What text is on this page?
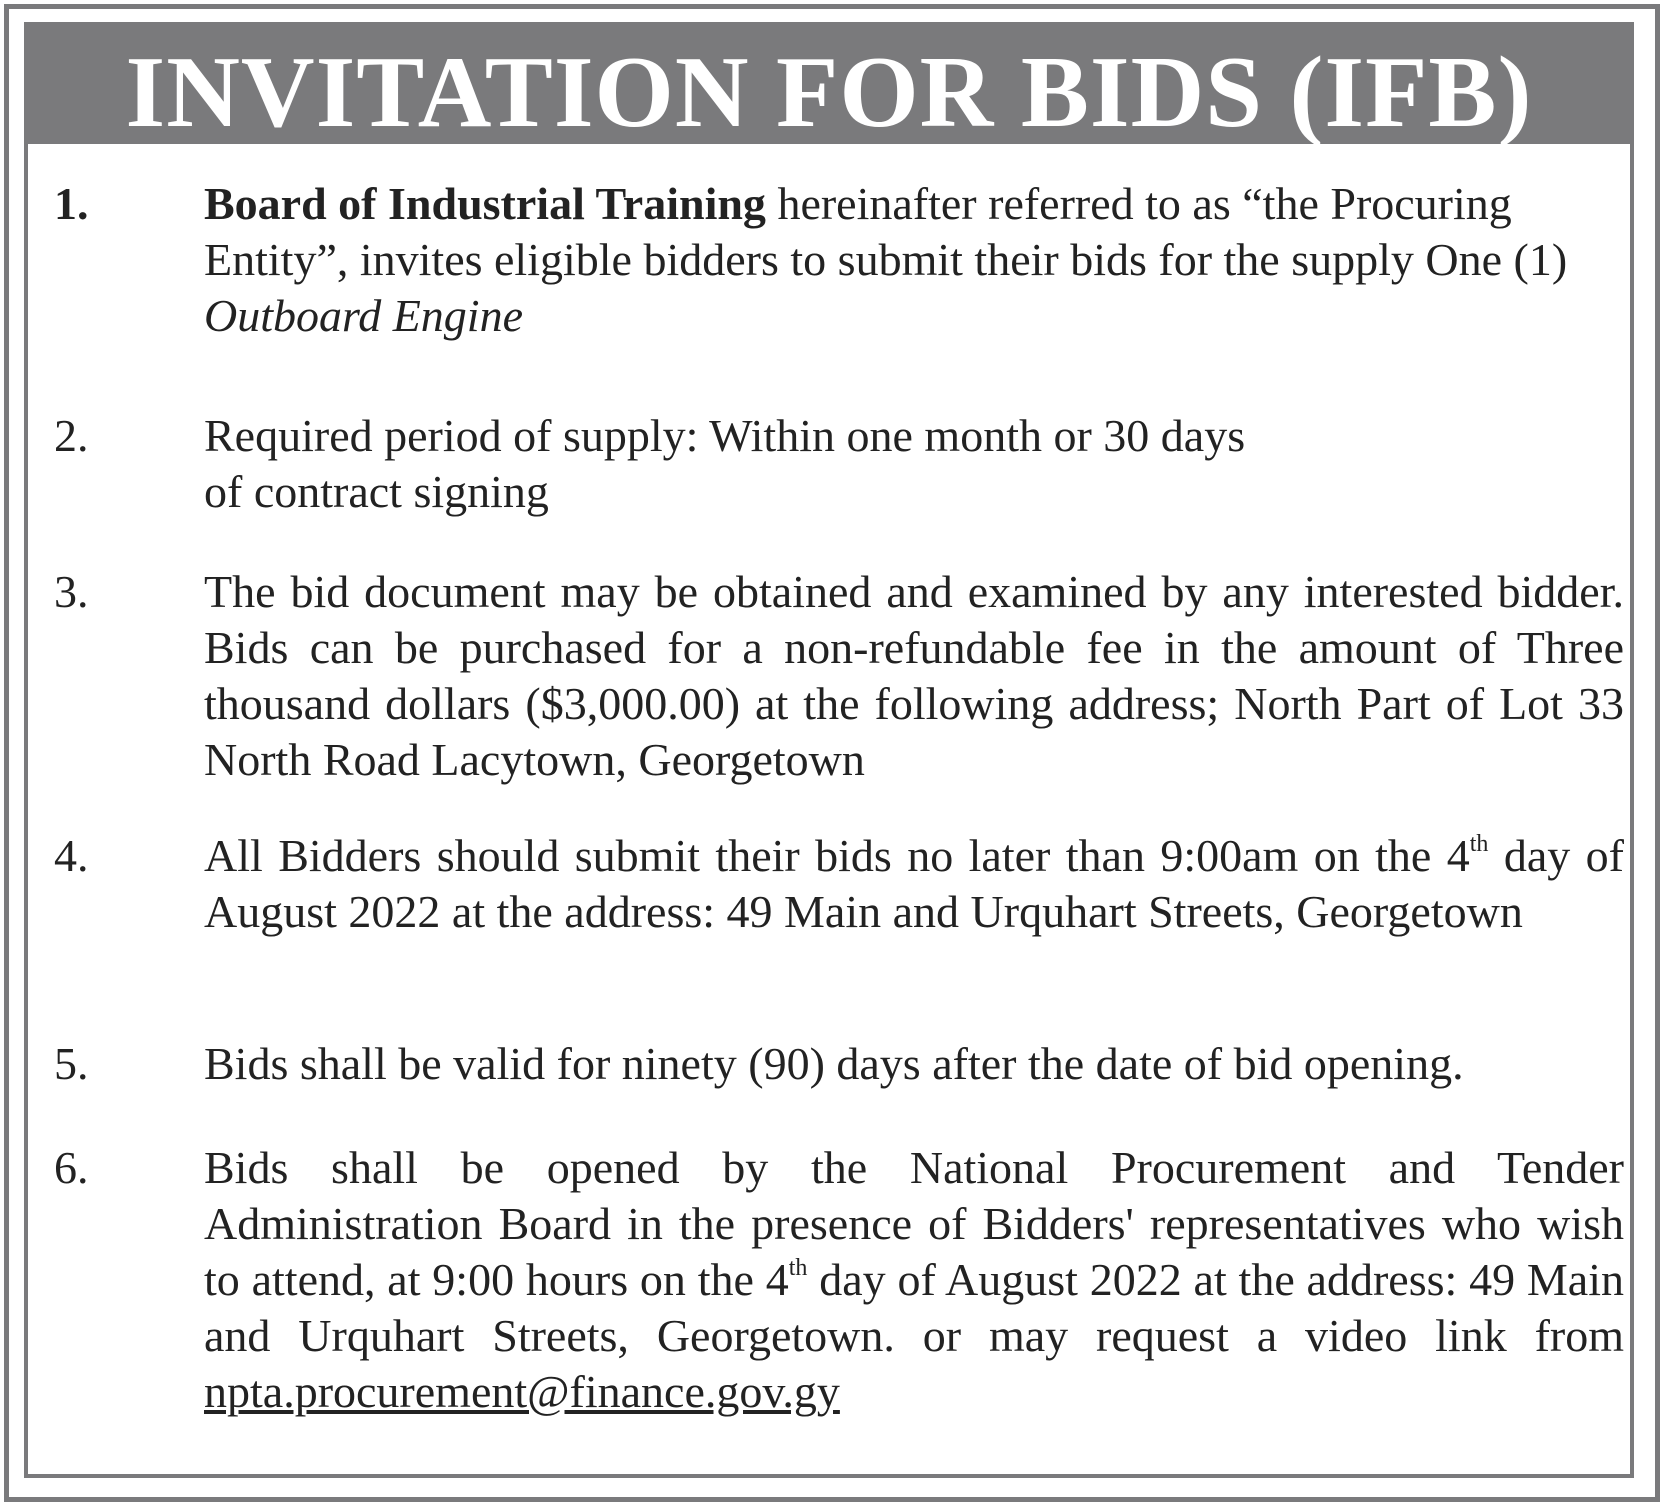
INVITATION FOR BIDS (IFB)
1.	Board of Industrial Training hereinafter referred to as “the Procuring Entity”, invites eligible bidders to submit their bids for the supply One (1) Outboard Engine

2.	Required period of supply: Within one month or 30 days of contract signing

3.	The bid document may be obtained and examined by any interested bidder. Bids can be purchased for a non-refundable fee in the amount of Three thousand dollars ($3,000.00) at the following address; North Part of Lot 33 North Road Lacytown, Georgetown

4.	All Bidders should submit their bids no later than 9:00am on the 4th day of August 2022 at the address: 49 Main and Urquhart Streets, Georgetown

5.	Bids shall be valid for ninety (90) days after the date of bid opening.

6.	Bids shall be opened by the National Procurement and Tender Administration Board in the presence of Bidders' representatives who wish to attend, at 9:00 hours on the 4th day of August 2022 at the address: 49 Main and Urquhart Streets, Georgetown. or may request a video link from npta.procurement@finance.gov.gy
